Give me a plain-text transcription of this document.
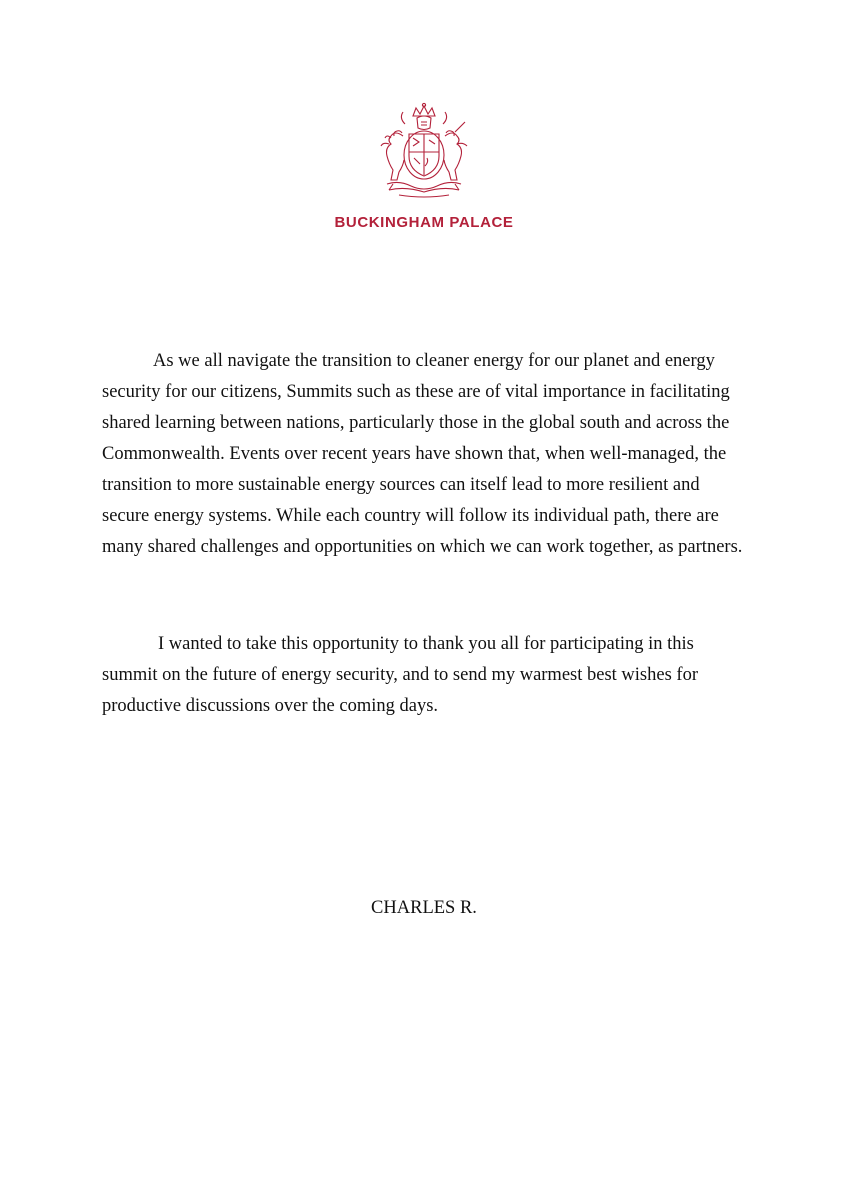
BUCKINGHAM PALACE

As we all navigate the transition to cleaner energy for our planet and energy security for our citizens, Summits such as these are of vital importance in facilitating shared learning between nations, particularly those in the global south and across the Commonwealth. Events over recent years have shown that, when well-managed, the transition to more sustainable energy sources can itself lead to more resilient and secure energy systems. While each country will follow its individual path, there are many shared challenges and opportunities on which we can work together, as partners.

I wanted to take this opportunity to thank you all for participating in this summit on the future of energy security, and to send my warmest best wishes for productive discussions over the coming days.

CHARLES R.
